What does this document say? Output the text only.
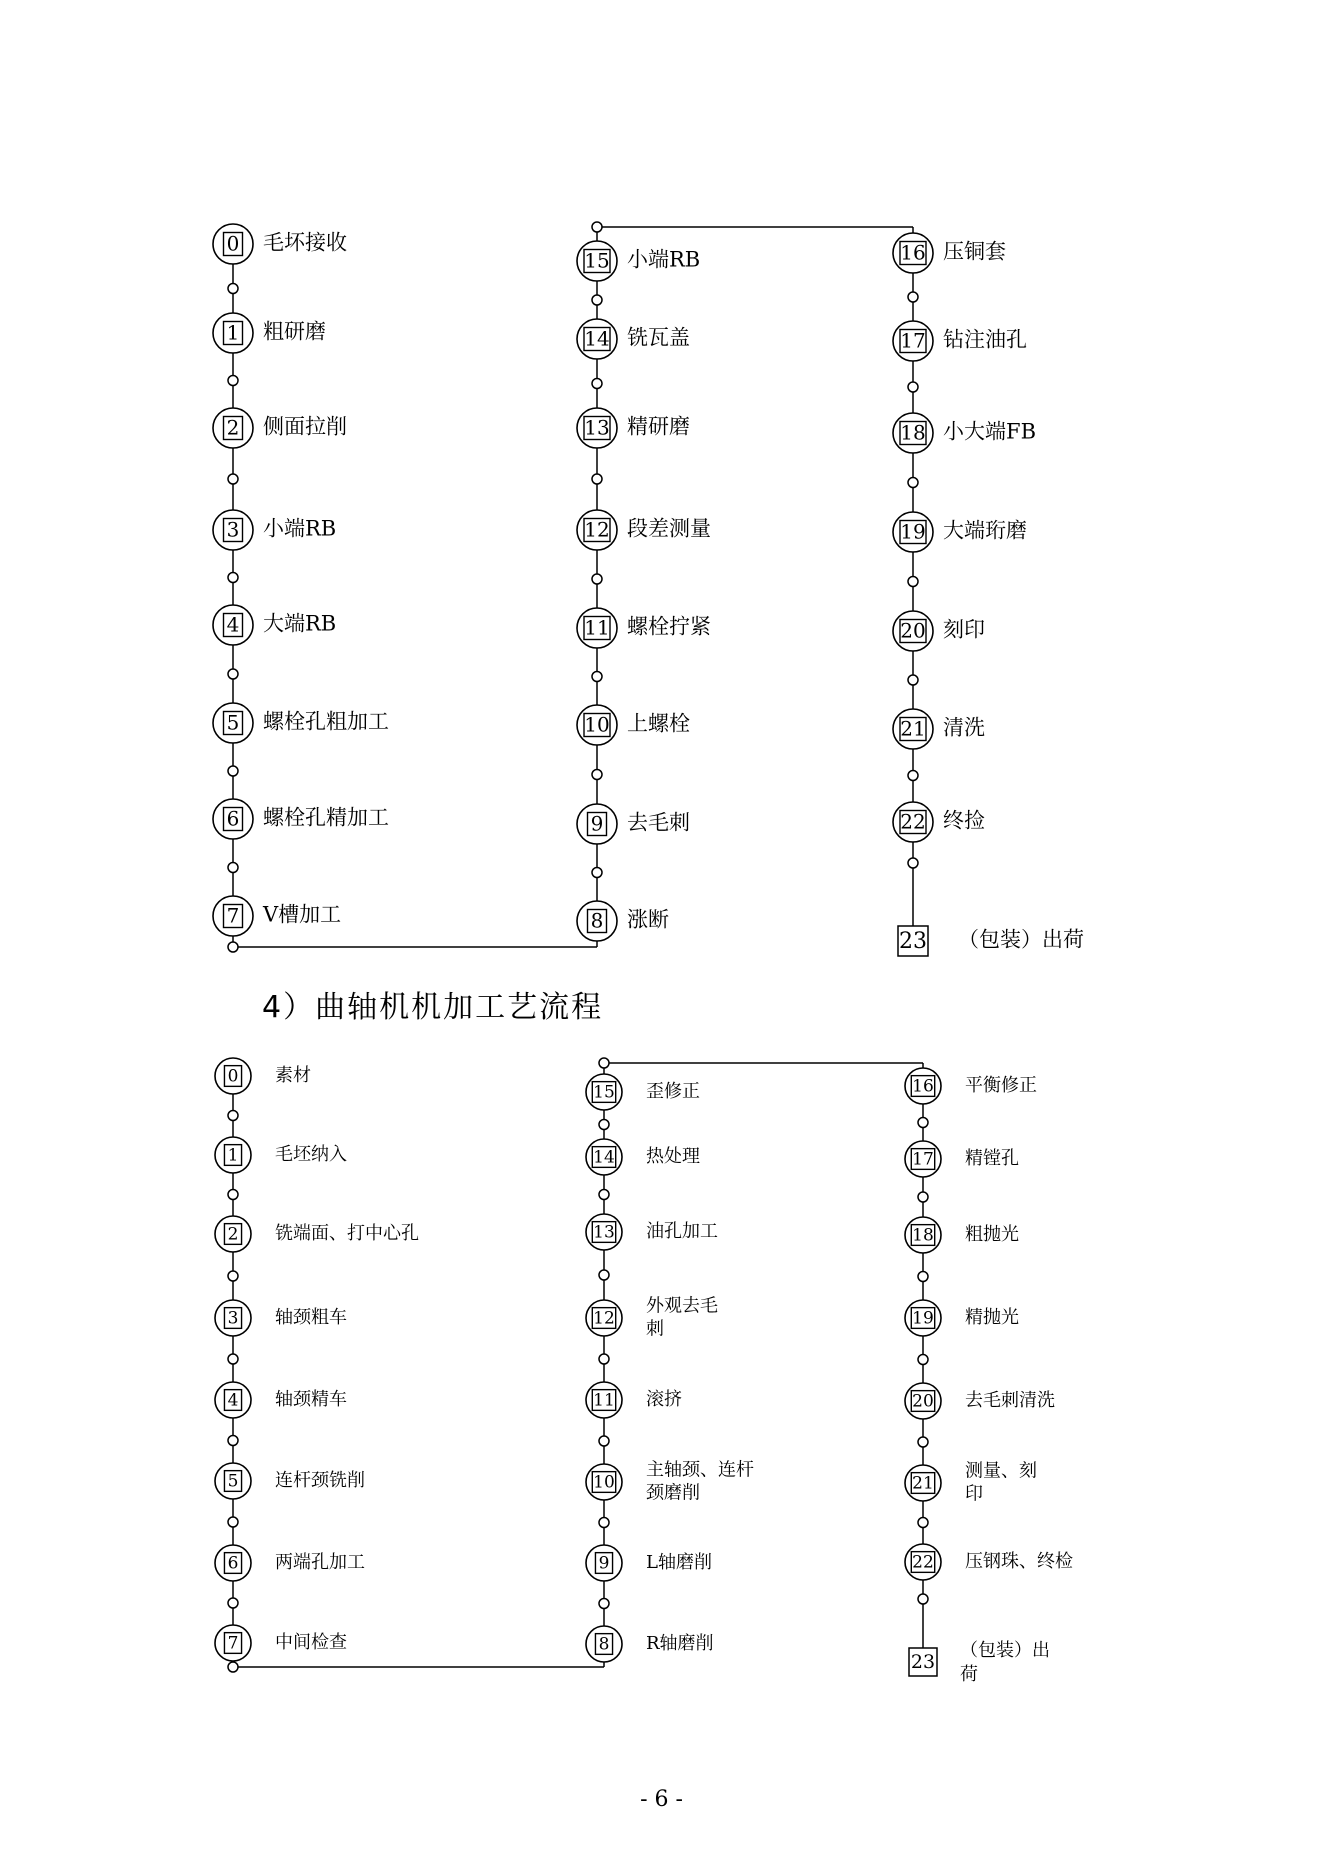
0 毛坏接收
1 粗研磨
2 侧面拉削
3 小端RB
4 大端RB
5 螺栓孔粗加工
6 螺栓孔精加工
7 V槽加工
15 小端RB
14 铣瓦盖
13 精研磨
12 段差测量
11 螺栓拧紧
10 上螺栓
9 去毛刺
8 涨断
16 压铜套
17 钻注油孔
18 小大端FB
19 大端珩磨
20 刻印
21 清洗
22 终捡
23 （包装）出荷
0 素材
1 毛坯纳入
2 铣端面、打中心孔
3 轴颈粗车
4 轴颈精车
5 连杆颈铣削
6 两端孔加工
7 中间检查
15 歪修正
14 热处理
13 油孔加工
12
外观去毛
刺
11 滚挤
10
主轴颈、连杆
颈磨削
9 L轴磨削
8 R轴磨削
16 平衡修正
17 精镗孔
18 粗抛光
19 精抛光
20 去毛刺清洗
21
测量、刻
印
22 压钢珠、终检
23
（包装）出
荷
4）曲轴机机加工艺流程
- 6 -
